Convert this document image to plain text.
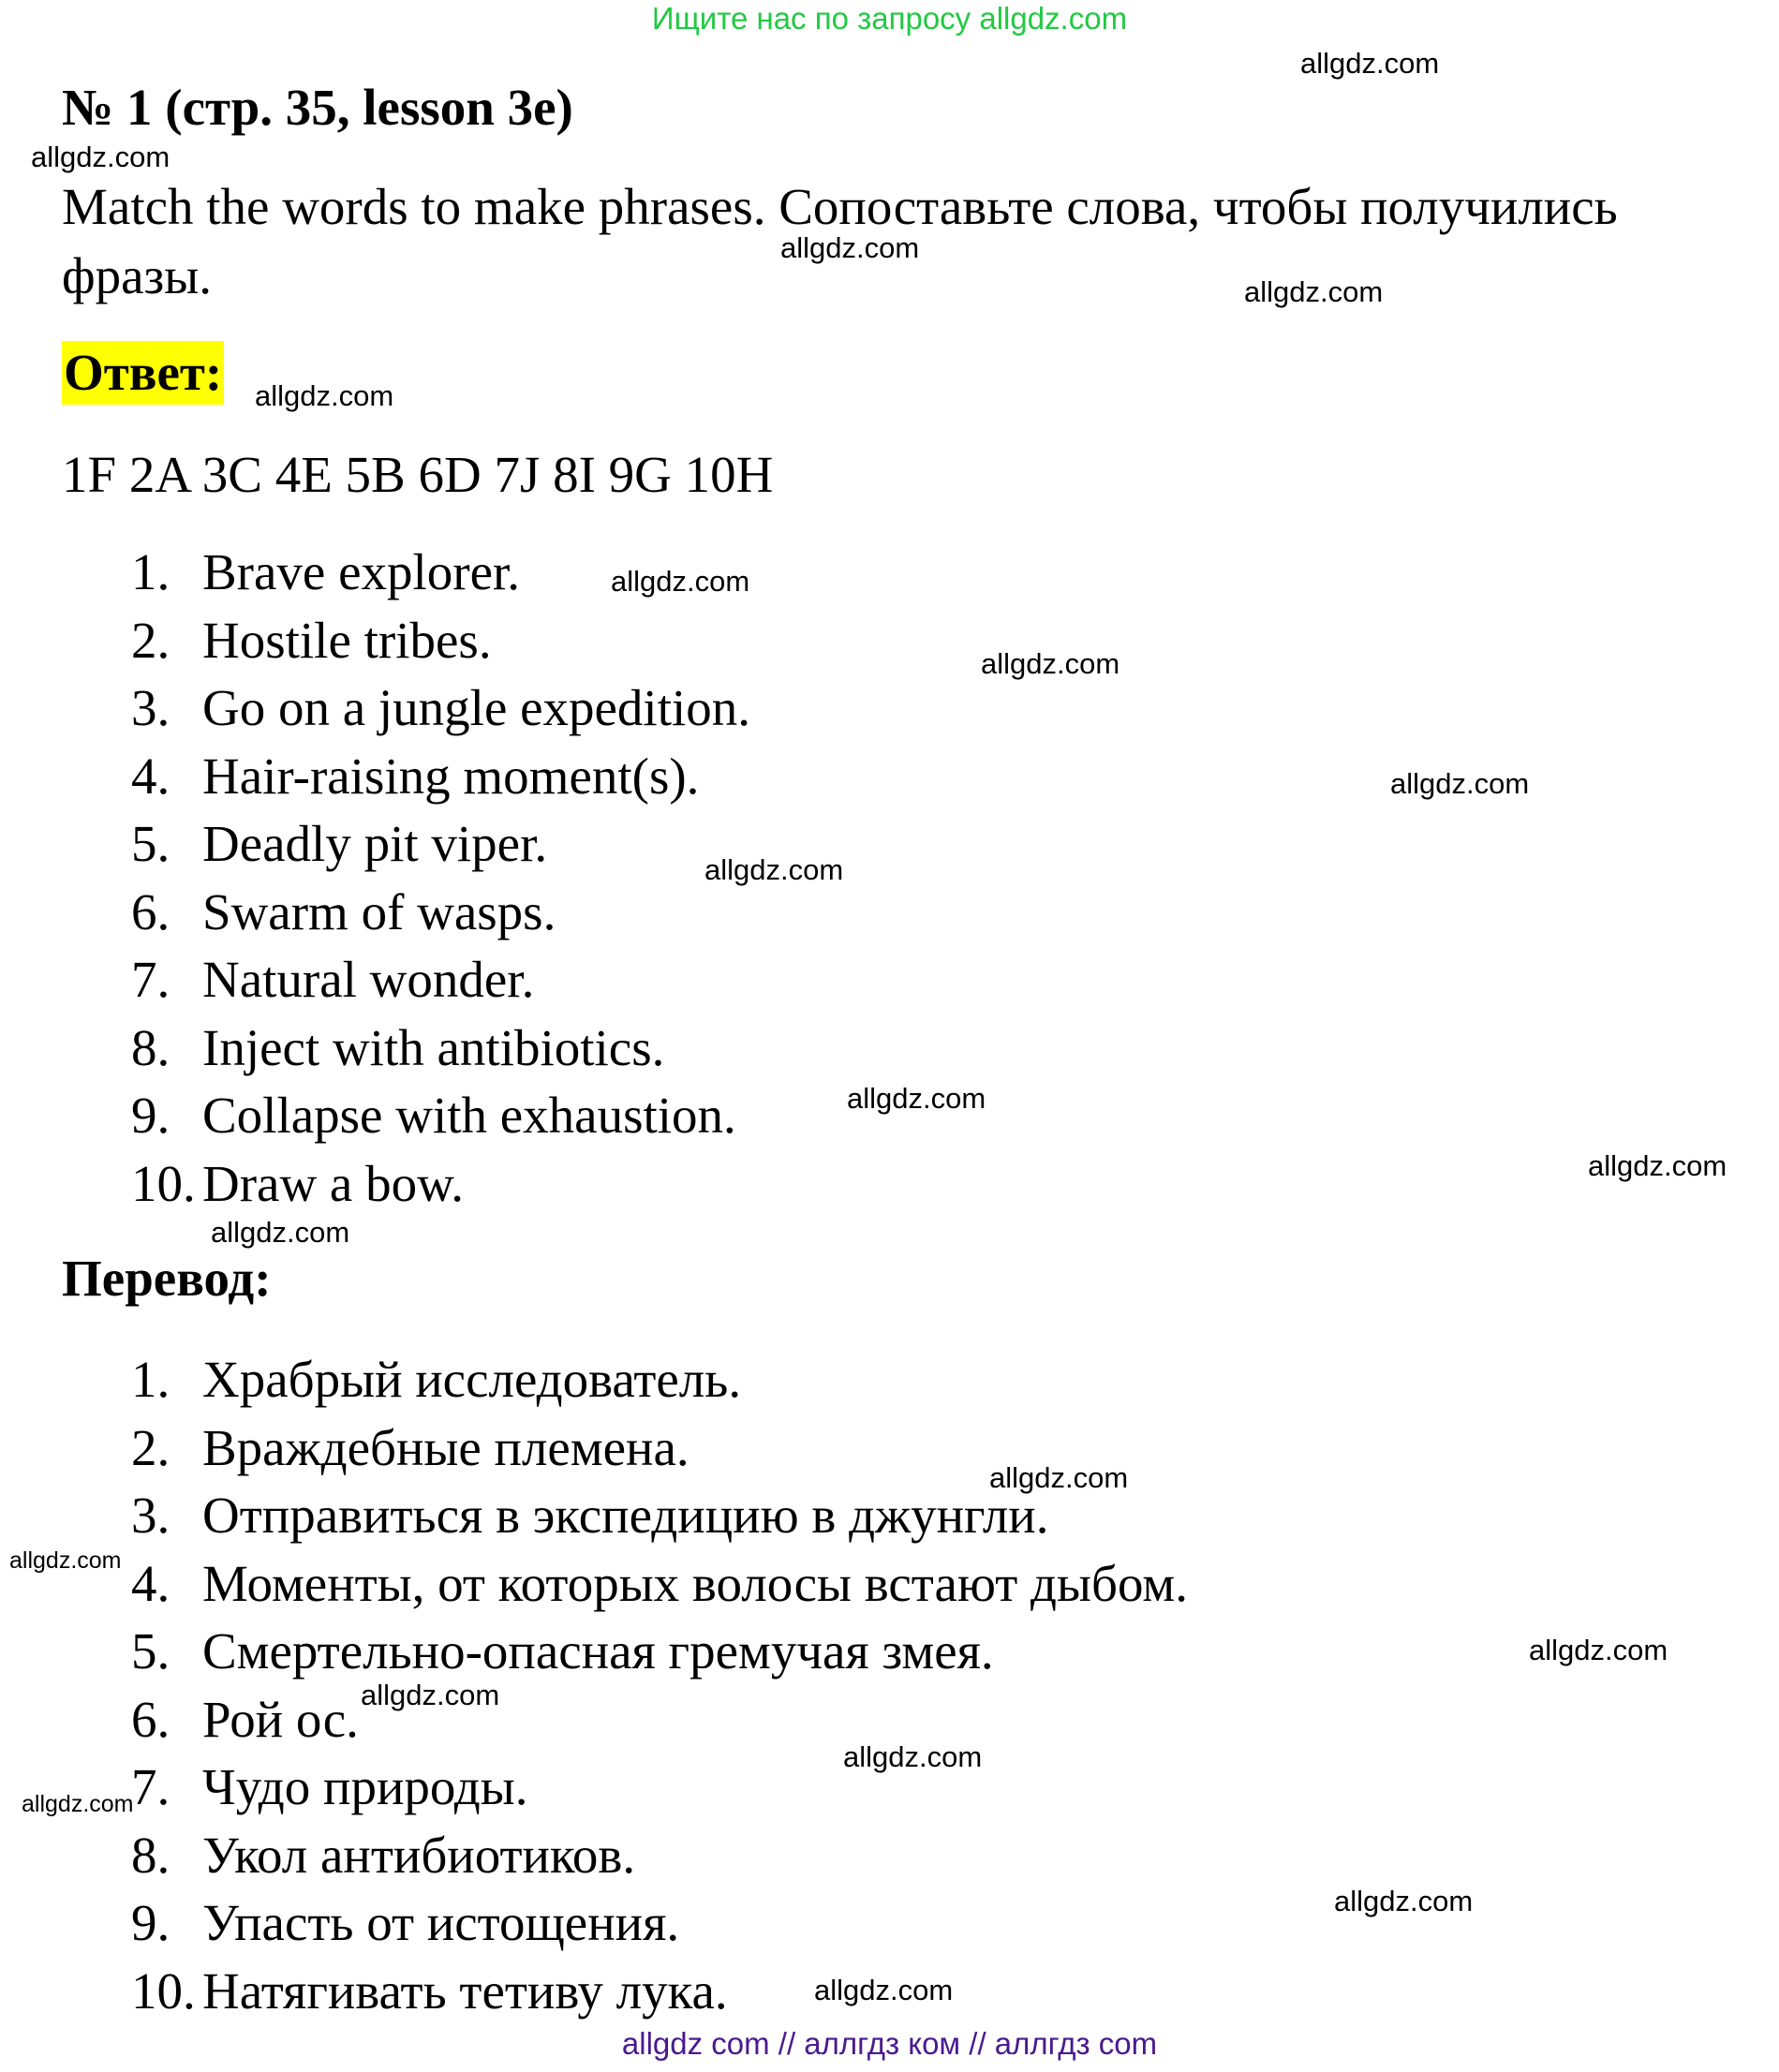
Ищите нас по запросу allgdz.com
№ 1 (стр. 35, lesson 3e)
Match the words to make phrases. Сопоставьте слова, чтобы получились фразы.
Ответ:
1F 2A 3C 4E 5B 6D 7J 8I 9G 10H
1. Brave explorer.
2. Hostile tribes.
3. Go on a jungle expedition.
4. Hair-raising moment(s).
5. Deadly pit viper.
6. Swarm of wasps.
7. Natural wonder.
8. Inject with antibiotics.
9. Collapse with exhaustion.
10. Draw a bow.
Перевод:
1. Храбрый исследователь.
2. Враждебные племена.
3. Отправиться в экспедицию в джунгли.
4. Моменты, от которых волосы встают дыбом.
5. Смертельно-опасная гремучая змея.
6. Рой ос.
7. Чудо природы.
8. Укол антибиотиков.
9. Упасть от истощения.
10. Натягивать тетиву лука.
allgdz.com
allgdz.com
allgdz.com
allgdz.com
allgdz.com
allgdz.com
allgdz.com
allgdz.com
allgdz.com
allgdz.com
allgdz.com
allgdz.com
allgdz.com
allgdz.com
allgdz.com
allgdz.com
allgdz.com
allgdz.com
allgdz.com
allgdz.com
allgdz com // аллгдз ком // аллгдз com
